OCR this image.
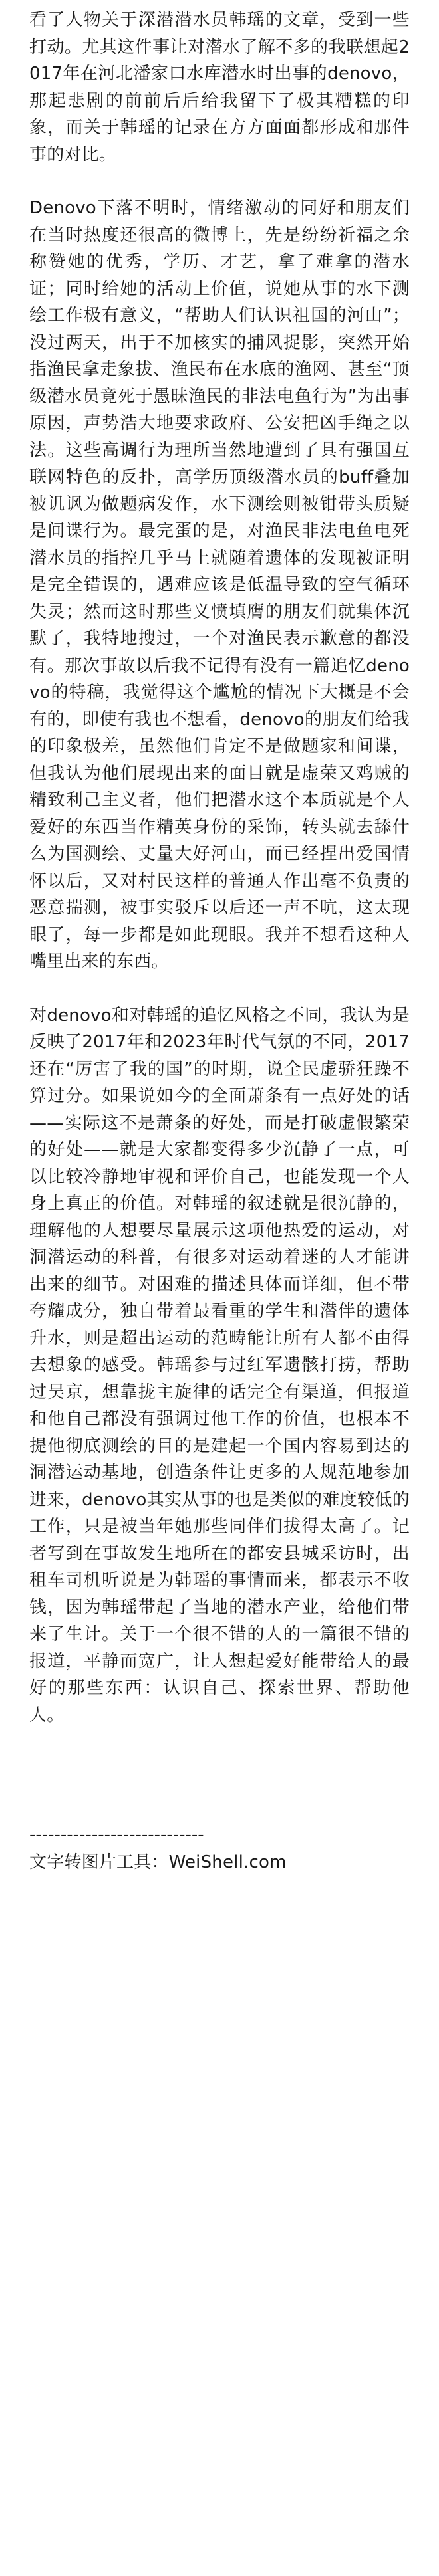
看了人物关于深潜潜水员韩瑶的文章，受到一些打动。尤其这件事让对潜水了解不多的我联想起2017年在河北潘家口水库潜水时出事的denovo，那起悲剧的前前后后给我留下了极其糟糕的印象，而关于韩瑶的记录在方方面面都形成和那件事的对比。

Denovo下落不明时，情绪激动的同好和朋友们在当时热度还很高的微博上，先是纷纷祈福之余称赞她的优秀，学历、才艺，拿了难拿的潜水证；同时给她的活动上价值，说她从事的水下测绘工作极有意义，“帮助人们认识祖国的河山”；没过两天，出于不加核实的捕风捉影，突然开始指渔民拿走象拔、渔民布在水底的渔网、甚至“顶级潜水员竟死于愚昧渔民的非法电鱼行为”为出事原因，声势浩大地要求政府、公安把凶手绳之以法。这些高调行为理所当然地遭到了具有强国互联网特色的反扑，高学历顶级潜水员的buff叠加被讥讽为做题病发作，水下测绘则被钳带头质疑是间谍行为。最完蛋的是，对渔民非法电鱼电死潜水员的指控几乎马上就随着遗体的发现被证明是完全错误的，遇难应该是低温导致的空气循环失灵；然而这时那些义愤填膺的朋友们就集体沉默了，我特地搜过，一个对渔民表示歉意的都没有。那次事故以后我不记得有没有一篇追忆denovo的特稿，我觉得这个尴尬的情况下大概是不会有的，即使有我也不想看，denovo的朋友们给我的印象极差，虽然他们肯定不是做题家和间谍，但我认为他们展现出来的面目就是虚荣又鸡贼的精致利己主义者，他们把潜水这个本质就是个人爱好的东西当作精英身份的采饰，转头就去舔什么为国测绘、丈量大好河山，而已经捏出爱国情怀以后，又对村民这样的普通人作出毫不负责的恶意揣测，被事实驳斥以后还一声不吭，这太现眼了，每一步都是如此现眼。我并不想看这种人嘴里出来的东西。

对denovo和对韩瑶的追忆风格之不同，我认为是反映了2017年和2023年时代气氛的不同，2017还在“厉害了我的国”的时期，说全民虚骄狂躁不算过分。如果说如今的全面萧条有一点好处的话——实际这不是萧条的好处，而是打破虚假繁荣的好处——就是大家都变得多少沉静了一点，可以比较冷静地审视和评价自己，也能发现一个人身上真正的价值。对韩瑶的叙述就是很沉静的，理解他的人想要尽量展示这项他热爱的运动，对洞潜运动的科普，有很多对运动着迷的人才能讲出来的细节。对困难的描述具体而详细，但不带夸耀成分，独自带着最看重的学生和潜伴的遗体升水，则是超出运动的范畴能让所有人都不由得去想象的感受。韩瑶参与过红军遗骸打捞，帮助过吴京，想靠拢主旋律的话完全有渠道，但报道和他自己都没有强调过他工作的价值，也根本不提他彻底测绘的目的是建起一个国内容易到达的洞潜运动基地，创造条件让更多的人规范地参加进来，denovo其实从事的也是类似的难度较低的工作，只是被当年她那些同伴们拔得太高了。记者写到在事故发生地所在的都安县城采访时，出租车司机听说是为韩瑶的事情而来，都表示不收钱，因为韩瑶带起了当地的潜水产业，给他们带来了生计。关于一个很不错的人的一篇很不错的报道，平静而宽广，让人想起爱好能带给人的最好的那些东西：认识自己、探索世界、帮助他人。

----------------------------

文字转图片工具：WeiShell.com
